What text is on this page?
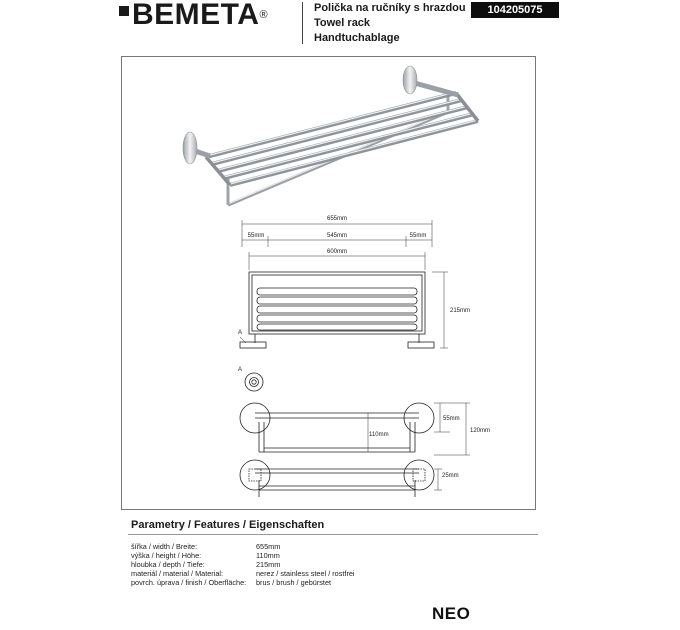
BEMETA®
Polička na ručníky s hrazdou
Towel rack
Handtuchablage
104205075
655mm
55mm	545mm	55mm
600mm
215mm
A
A
55mm
120mm
110mm
25mm
Parametry / Features / Eigenschaften
šířka / width / Breite:	655mm
výška / height / Höhe:	110mm
hloubka / depth / Tiefe:	215mm
materiál / material / Material:	nerez / stainless steel / rostfrei
povrch. úprava / finish / Oberfläche: brus / brush / gebürstet
NEO
